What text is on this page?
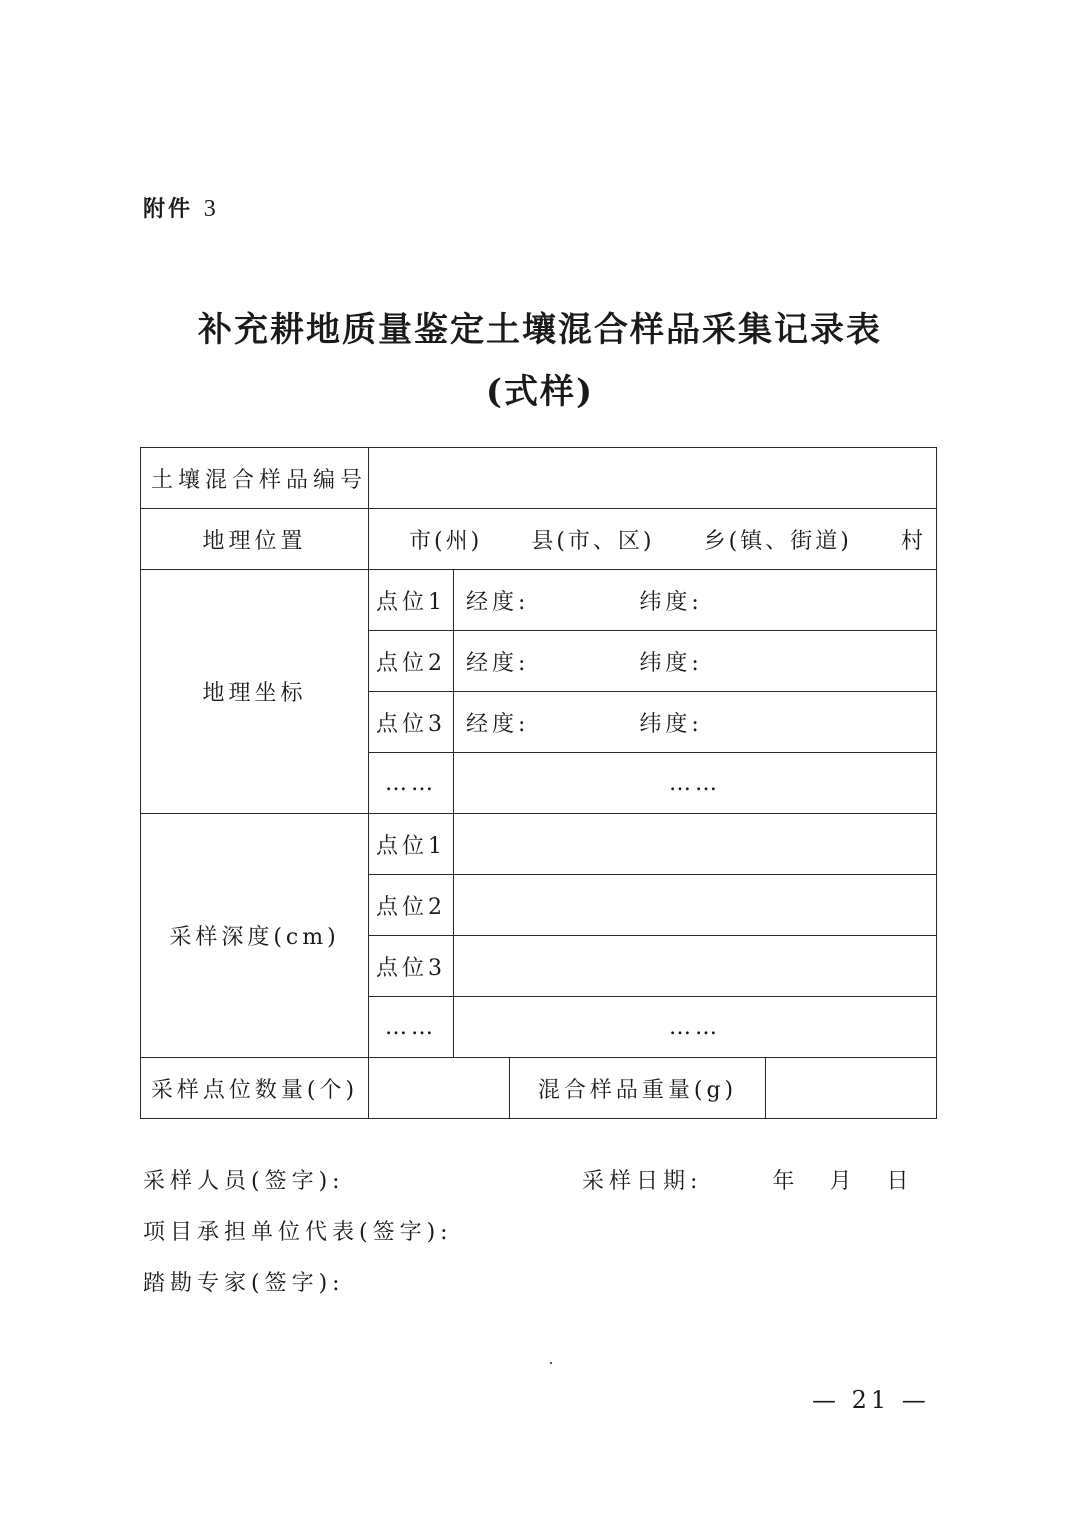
附件 3
补充耕地质量鉴定土壤混合样品采集记录表
(式样)
土壤混合样品编号				
地理位置	市(州) 县(市、区) 乡(镇、街道) 村			

地理坐标	点位1	经度: 纬度:		
	点位2	经度: 纬度:		
	点位3	经度: 纬度:		
	……	……		
采样深度(cm)	点位1			
	点位2			
	点位3			
	……	……		
采样点位数量(个)			混合样品重量(g)	
采样人员(签字):	采样日期:	年 月 日
项目承担单位代表(签字):
踏勘专家(签字):
— 21 —
